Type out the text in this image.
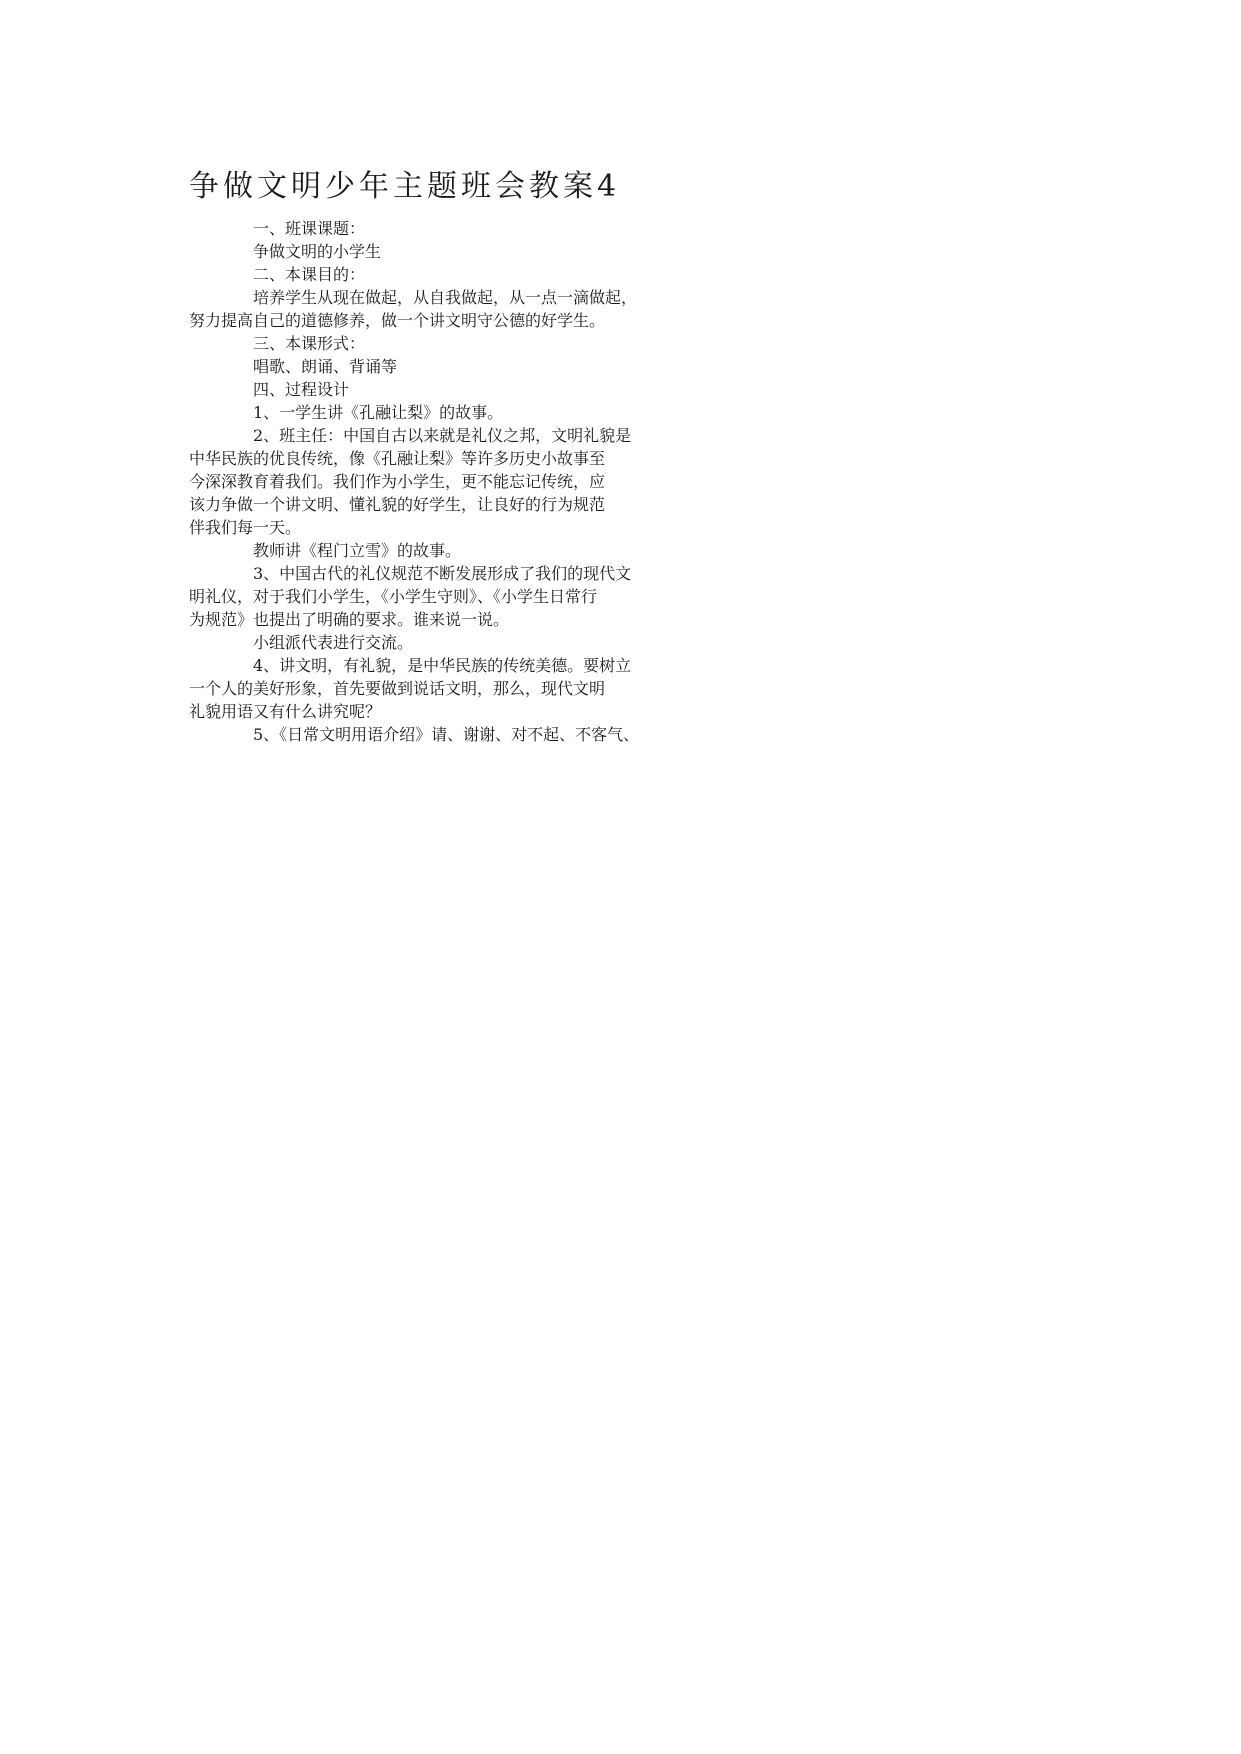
争做文明少年主题班会教案4
一、班课课题：
争做文明的小学生
二、本课目的：
培养学生从现在做起，从自我做起，从一点一滴做起，
努力提高自己的道德修养，做一个讲文明守公德的好学生。
三、本课形式：
唱歌、朗诵、背诵等
四、过程设计
1、一学生讲《孔融让梨》的故事。
2、班主任：中国自古以来就是礼仪之邦，文明礼貌是
中华民族的优良传统，像《孔融让梨》等许多历史小故事至
今深深教育着我们。我们作为小学生，更不能忘记传统，应
该力争做一个讲文明、懂礼貌的好学生，让良好的行为规范
伴我们每一天。
教师讲《程门立雪》的故事。
3、中国古代的礼仪规范不断发展形成了我们的现代文
明礼仪，对于我们小学生，《小学生守则》、《小学生日常行
为规范》也提出了明确的要求。谁来说一说。
小组派代表进行交流。
4、讲文明，有礼貌，是中华民族的传统美德。要树立
一个人的美好形象，首先要做到说话文明，那么，现代文明
礼貌用语又有什么讲究呢？
5、《日常文明用语介绍》请、谢谢、对不起、不客气、
